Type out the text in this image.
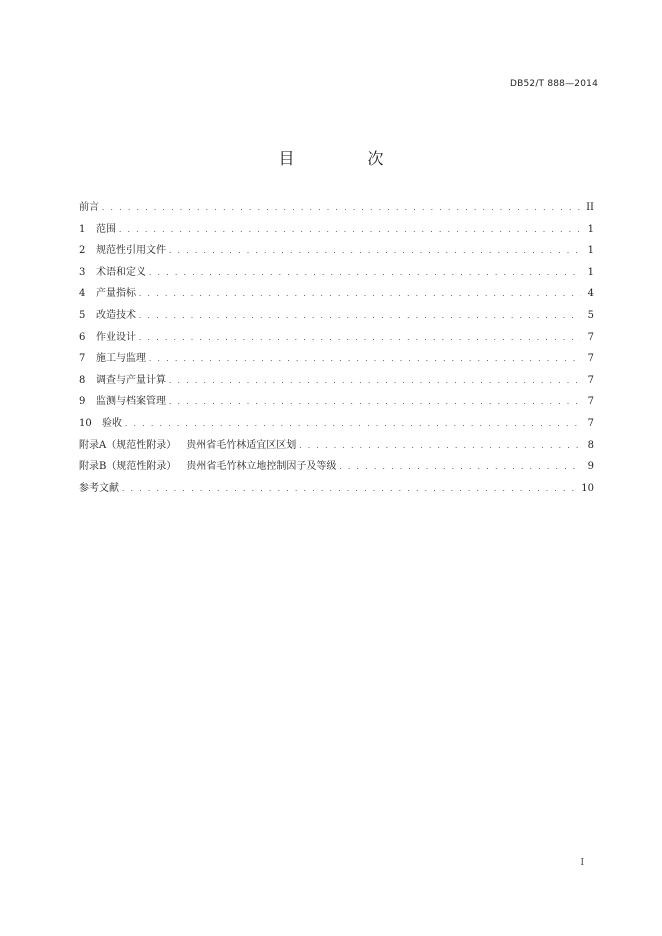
DB52/T 888—2014
目 次
前言 . . .	II
1	范围 . . .	1
2	规范性引用文件 . . .	1
3	术语和定义 . . .	1
4	产量指标 . . .	4
5	改造技术 . . .	5
6	作业设计 . . .	7
7	施工与监理 . . .	7
8	调查与产量计算 . . .	7
9	监测与档案管理 . . .	7
10	验收 . . .	7
附录A（规范性附录） 贵州省毛竹林适宜区区划 . . .	8
附录B（规范性附录） 贵州省毛竹林立地控制因子及等级 . . .	9
参考文献 . . .	10
I
